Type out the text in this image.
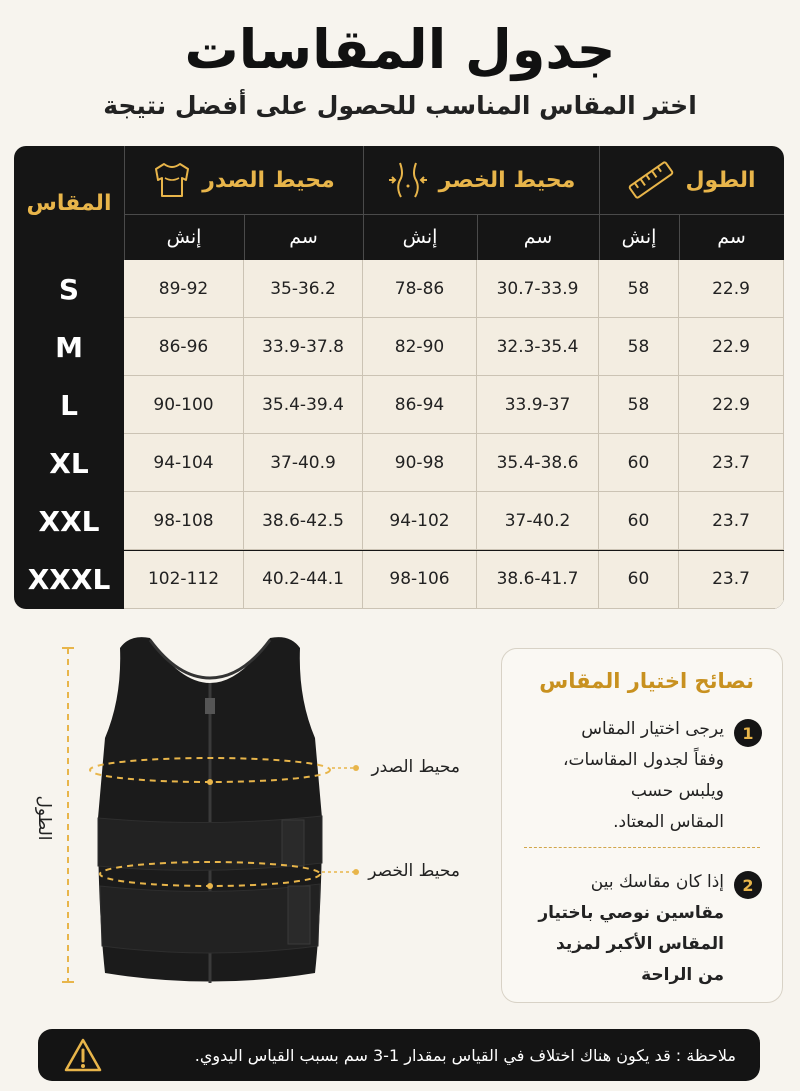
جدول المقاسات
اختر المقاس المناسب للحصول على أفضل نتيجة
المقاس
محيط الصدر	محيط الخصر	الطول
إنش	سم	إنش	سم	إنش	سم
S	89-92	35-36.2	78-86	30.7-33.9	58	22.9
M	86-96	33.9-37.8	82-90	32.3-35.4	58	22.9
L	90-100	35.4-39.4	86-94	33.9-37	58	22.9
XL	94-104	37-40.9	90-98	35.4-38.6	60	23.7
XXL	98-108	38.6-42.5	94-102	37-40.2	60	23.7
XXXL	102-112	40.2-44.1	98-106	38.6-41.7	60	23.7
الطول
محيط الصدر
محيط الخصر
نصائح اختيار المقاس
1
يرجى اختيار المقاس
وفقاً لجدول المقاسات،
ويلبس حسب
المقاس المعتاد.
2
إذا كان مقاسك بين
مقاسين نوصي باختيار
المقاس الأكبر لمزيد
من الراحة
ملاحظة : قد يكون هناك اختلاف في القياس بمقدار 1-3 سم بسبب القياس اليدوي.
